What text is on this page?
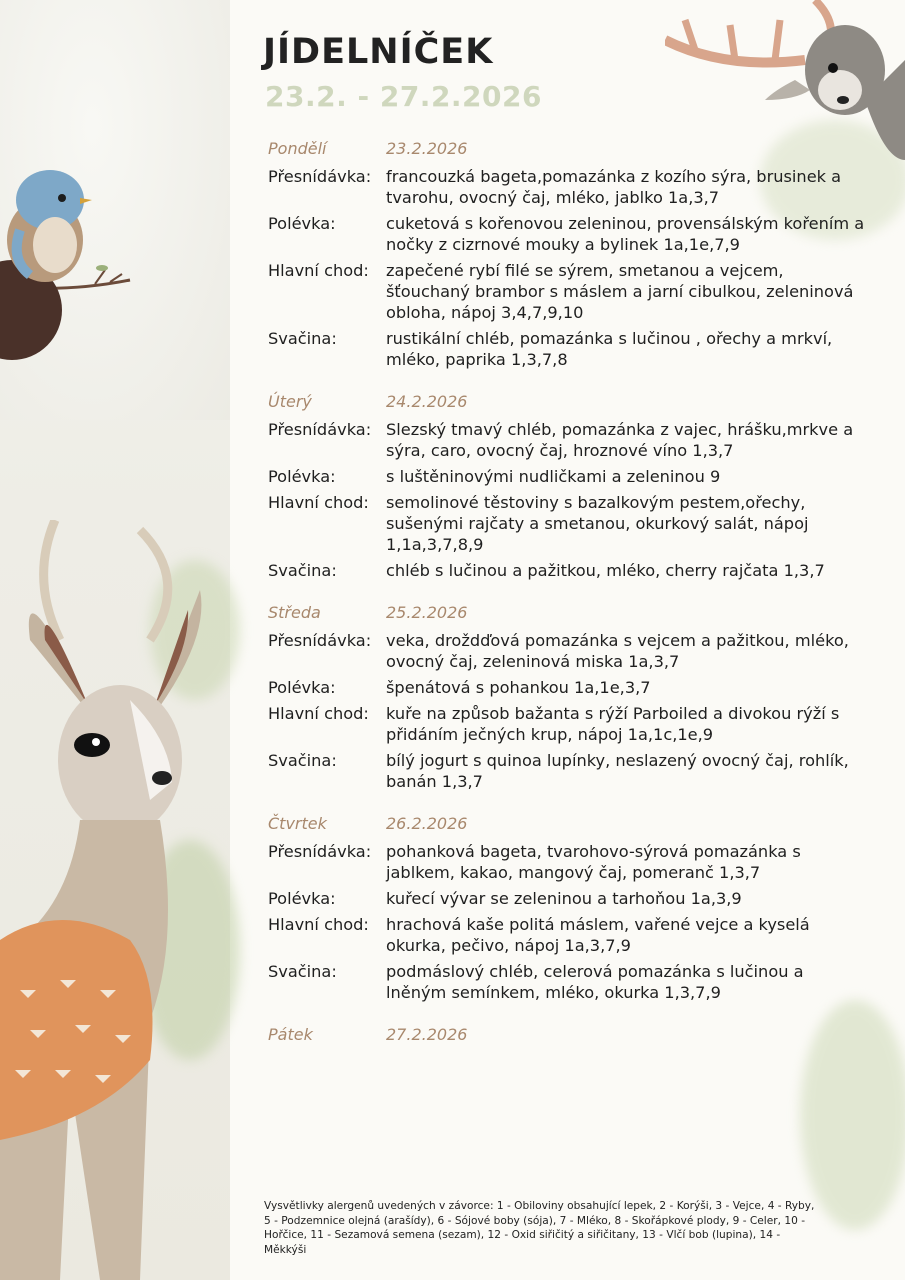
JÍDELNÍČEK
23.2. - 27.2.2026
Pondělí	23.2.2026
Přesnídávka: francouzká bageta,pomazánka z kozího sýra, brusinek a tvarohu, ovocný čaj, mléko, jablko 1a,3,7
Polévka:	cuketová s kořenovou zeleninou, provensálským kořením a nočky z cizrnové mouky a bylinek 1a,1e,7,9
Hlavní chod:	zapečené rybí filé se sýrem, smetanou a vejcem, šťouchaný brambor s máslem a jarní cibulkou, zeleninová obloha, nápoj 3,4,7,9,10
Svačina:	rustikální chléb, pomazánka s lučinou , ořechy a mrkví, mléko, paprika 1,3,7,8
Úterý	24.2.2026
Přesnídávka: Slezský tmavý chléb, pomazánka z vajec, hrášku,mrkve a sýra, caro, ovocný čaj, hroznové víno 1,3,7
Polévka:	s luštěninovými nudličkami a zeleninou 9
Hlavní chod:	semolinové těstoviny s bazalkovým pestem,ořechy, sušenými rajčaty a smetanou, okurkový salát, nápoj 1,1a,3,7,8,9
Svačina:	chléb s lučinou a pažitkou, mléko, cherry rajčata 1,3,7
Středa	25.2.2026
Přesnídávka: veka, droždďová pomazánka s vejcem a pažitkou, mléko, ovocný čaj, zeleninová miska 1a,3,7
Polévka:	špenátová s pohankou 1a,1e,3,7
Hlavní chod:	kuře na způsob bažanta s rýží Parboiled a divokou rýží s přidáním ječných krup, nápoj 1a,1c,1e,9
Svačina:	bílý jogurt s quinoa lupínky, neslazený ovocný čaj, rohlík, banán 1,3,7
Čtvrtek	26.2.2026
Přesnídávka: pohanková bageta, tvarohovo-sýrová pomazánka s jablkem, kakao, mangový čaj, pomeranč 1,3,7
Polévka:	kuřecí vývar se zeleninou a tarhoňou 1a,3,9
Hlavní chod:	hrachová kaše politá máslem, vařené vejce a kyselá okurka, pečivo, nápoj 1a,3,7,9
Svačina:	podmáslový chléb, celerová pomazánka s lučinou a lněným semínkem, mléko, okurka 1,3,7,9
Pátek	27.2.2026
Vysvětlivky alergenů uvedených v závorce: 1 - Obiloviny obsahující lepek, 2 - Korýši, 3 - Vejce, 4 - Ryby, 5 - Podzemnice olejná (arašídy), 6 - Sójové boby (sója), 7 - Mléko, 8 - Skořápkové plody, 9 - Celer, 10 - Hořčice, 11 - Sezamová semena (sezam), 12 - Oxid siřičitý a siřičitany, 13 - Vlčí bob (lupina), 14 - Měkkýši
